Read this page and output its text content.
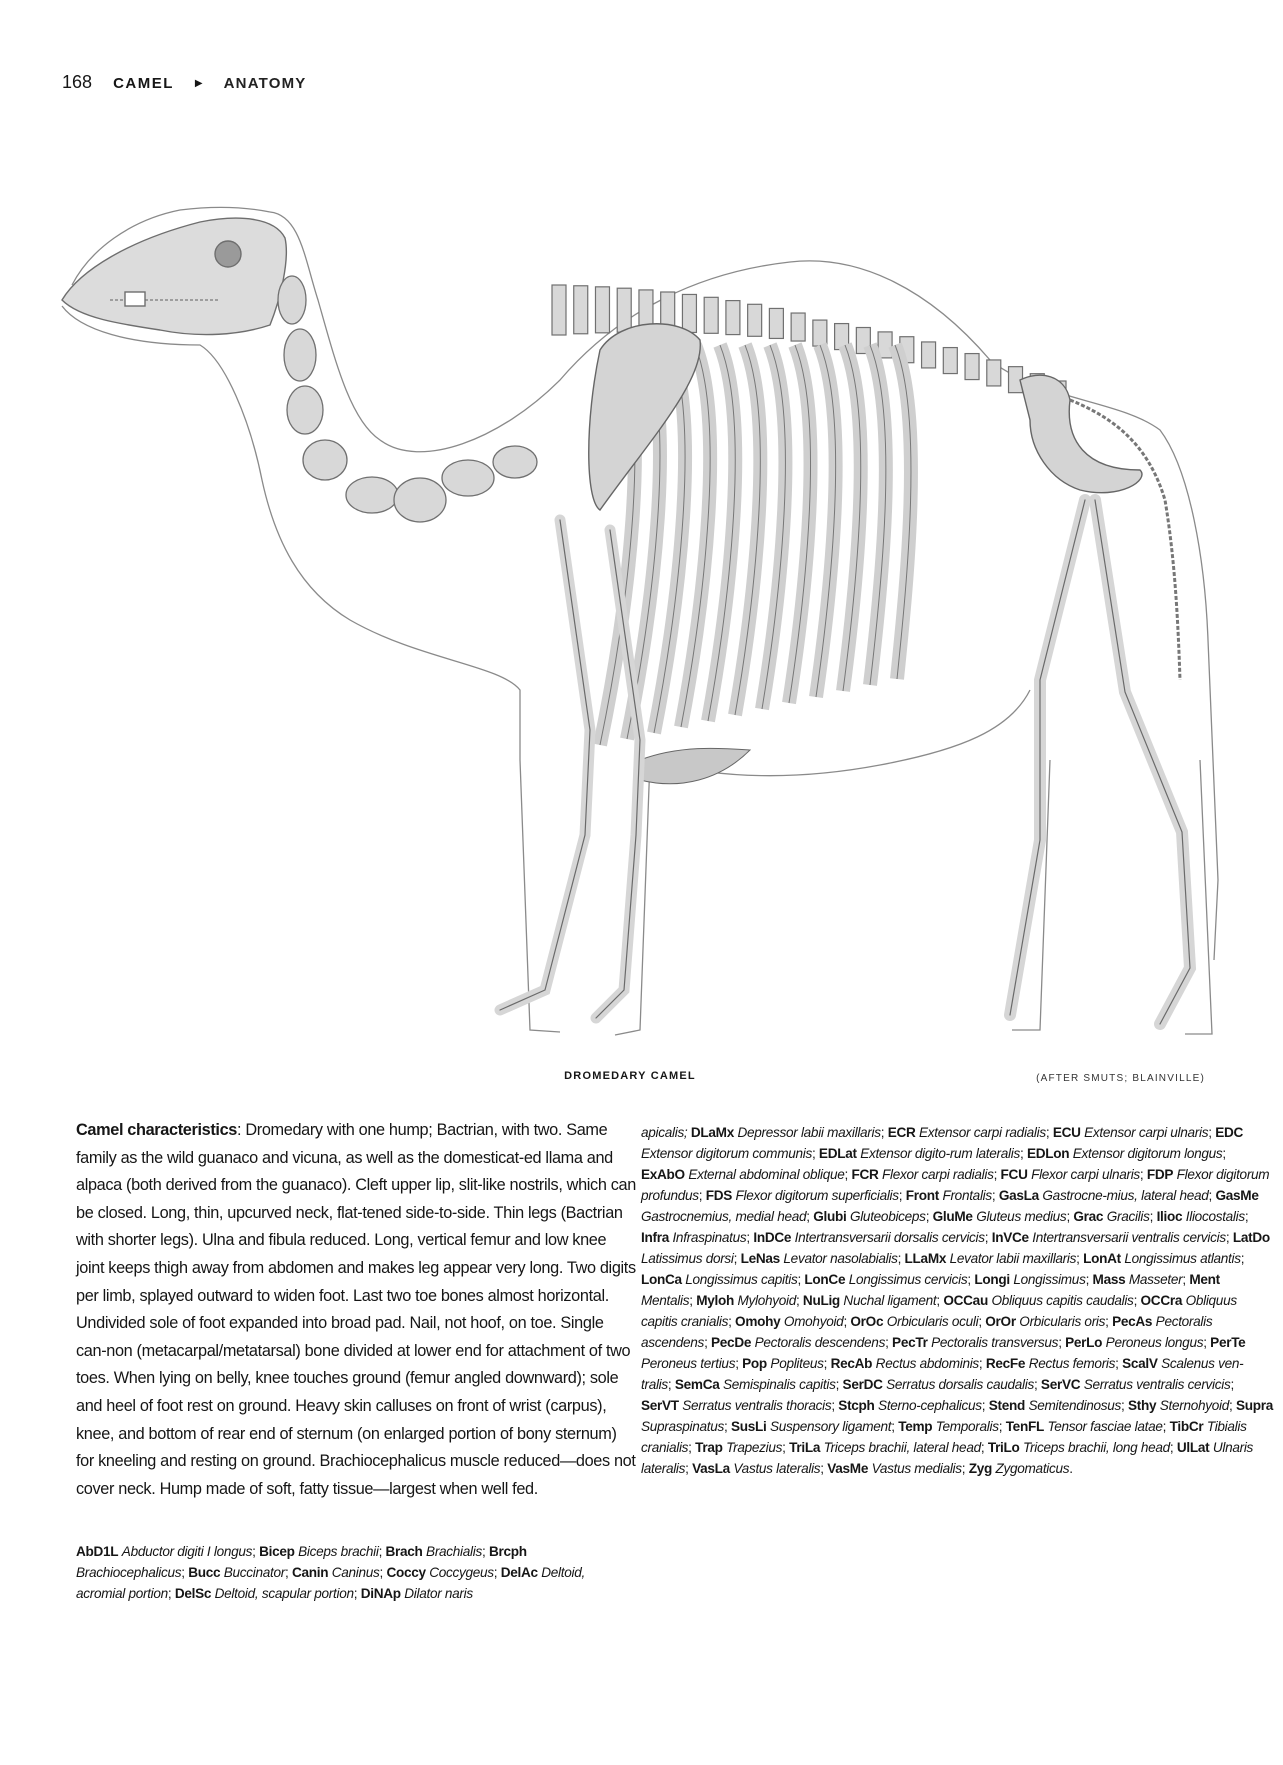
168 CAMEL ▶ ANATOMY
DROMEDARY CAMEL	(AFTER SMUTS; BLAINVILLE)

Camel characteristics: Dromedary with one hump; Bactrian, with two. Same family as the wild guanaco and vicuna, as well as the domesticat-ed llama and alpaca (both derived from the guanaco). Cleft upper lip, slit-like nostrils, which can be closed. Long, thin, upcurved neck, flat-tened side-to-side. Thin legs (Bactrian with shorter legs). Ulna and fibula reduced. Long, vertical femur and low knee joint keeps thigh away from abdomen and makes leg appear very long. Two digits per limb, splayed outward to widen foot. Last two toe bones almost horizontal. Undivided sole of foot expanded into broad pad. Nail, not hoof, on toe. Single can-non (metacarpal/metatarsal) bone divided at lower end for attachment of two toes. When lying on belly, knee touches ground (femur angled downward); sole and heel of foot rest on ground. Heavy skin calluses on front of wrist (carpus), knee, and bottom of rear end of sternum (on enlarged portion of bony sternum) for kneeling and resting on ground. Brachiocephalicus muscle reduced—does not cover neck. Hump made of soft, fatty tissue—largest when well fed.

AbD1L Abductor digiti I longus; Bicep Biceps brachii; Brach Brachialis; Brcph Brachiocephalicus; Bucc Buccinator; Canin Caninus; Coccy Coccygeus; DelAc Deltoid, acromial portion; DelSc Deltoid, scapular portion; DiNAp Dilator naris

apicalis; DLaMx Depressor labii maxillaris; ECR Extensor carpi radialis; ECU Extensor carpi ulnaris; EDC Extensor digitorum communis; EDLat Extensor digito-rum lateralis; EDLon Extensor digitorum longus; ExAbO External abdominal oblique; FCR Flexor carpi radialis; FCU Flexor carpi ulnaris; FDP Flexor digitorum profundus; FDS Flexor digitorum superficialis; Front Frontalis; GasLa Gastrocne-mius, lateral head; GasMe Gastrocnemius, medial head; Glubi Gluteobiceps; GluMe Gluteus medius; Grac Gracilis; Ilioc Iliocostalis; Infra Infraspinatus; InDCe Intertransversarii dorsalis cervicis; InVCe Intertransversarii ventralis cervicis; LatDo Latissimus dorsi; LeNas Levator nasolabialis; LLaMx Levator labii maxillaris; LonAt Longissimus atlantis; LonCa Longissimus capitis; LonCe Longissimus cervicis; Longi Longissimus; Mass Masseter; Ment Mentalis; Myloh Mylohyoid; NuLig Nuchal ligament; OCCau Obliquus capitis caudalis; OCCra Obliquus capitis cranialis; Omohy Omohyoid; OrOc Orbicularis oculi; OrOr Orbicularis oris; PecAs Pectoralis ascendens; PecDe Pectoralis descendens; PecTr Pectoralis transversus; PerLo Peroneus longus; PerTe Peroneus tertius; Pop Popliteus; RecAb Rectus abdominis; RecFe Rectus femoris; ScalV Scalenus ven-tralis; SemCa Semispinalis capitis; SerDC Serratus dorsalis caudalis; SerVC Serratus ventralis cervicis; SerVT Serratus ventralis thoracis; Stcph Sterno-cephalicus; Stend Semitendinosus; Sthy Sternohyoid; Supra Supraspinatus; SusLi Suspensory ligament; Temp Temporalis; TenFL Tensor fasciae latae; TibCr Tibialis cranialis; Trap Trapezius; TriLa Triceps brachii, lateral head; TriLo Triceps brachii, long head; UlLat Ulnaris lateralis; VasLa Vastus lateralis; VasMe Vastus medialis; Zyg Zygomaticus.
